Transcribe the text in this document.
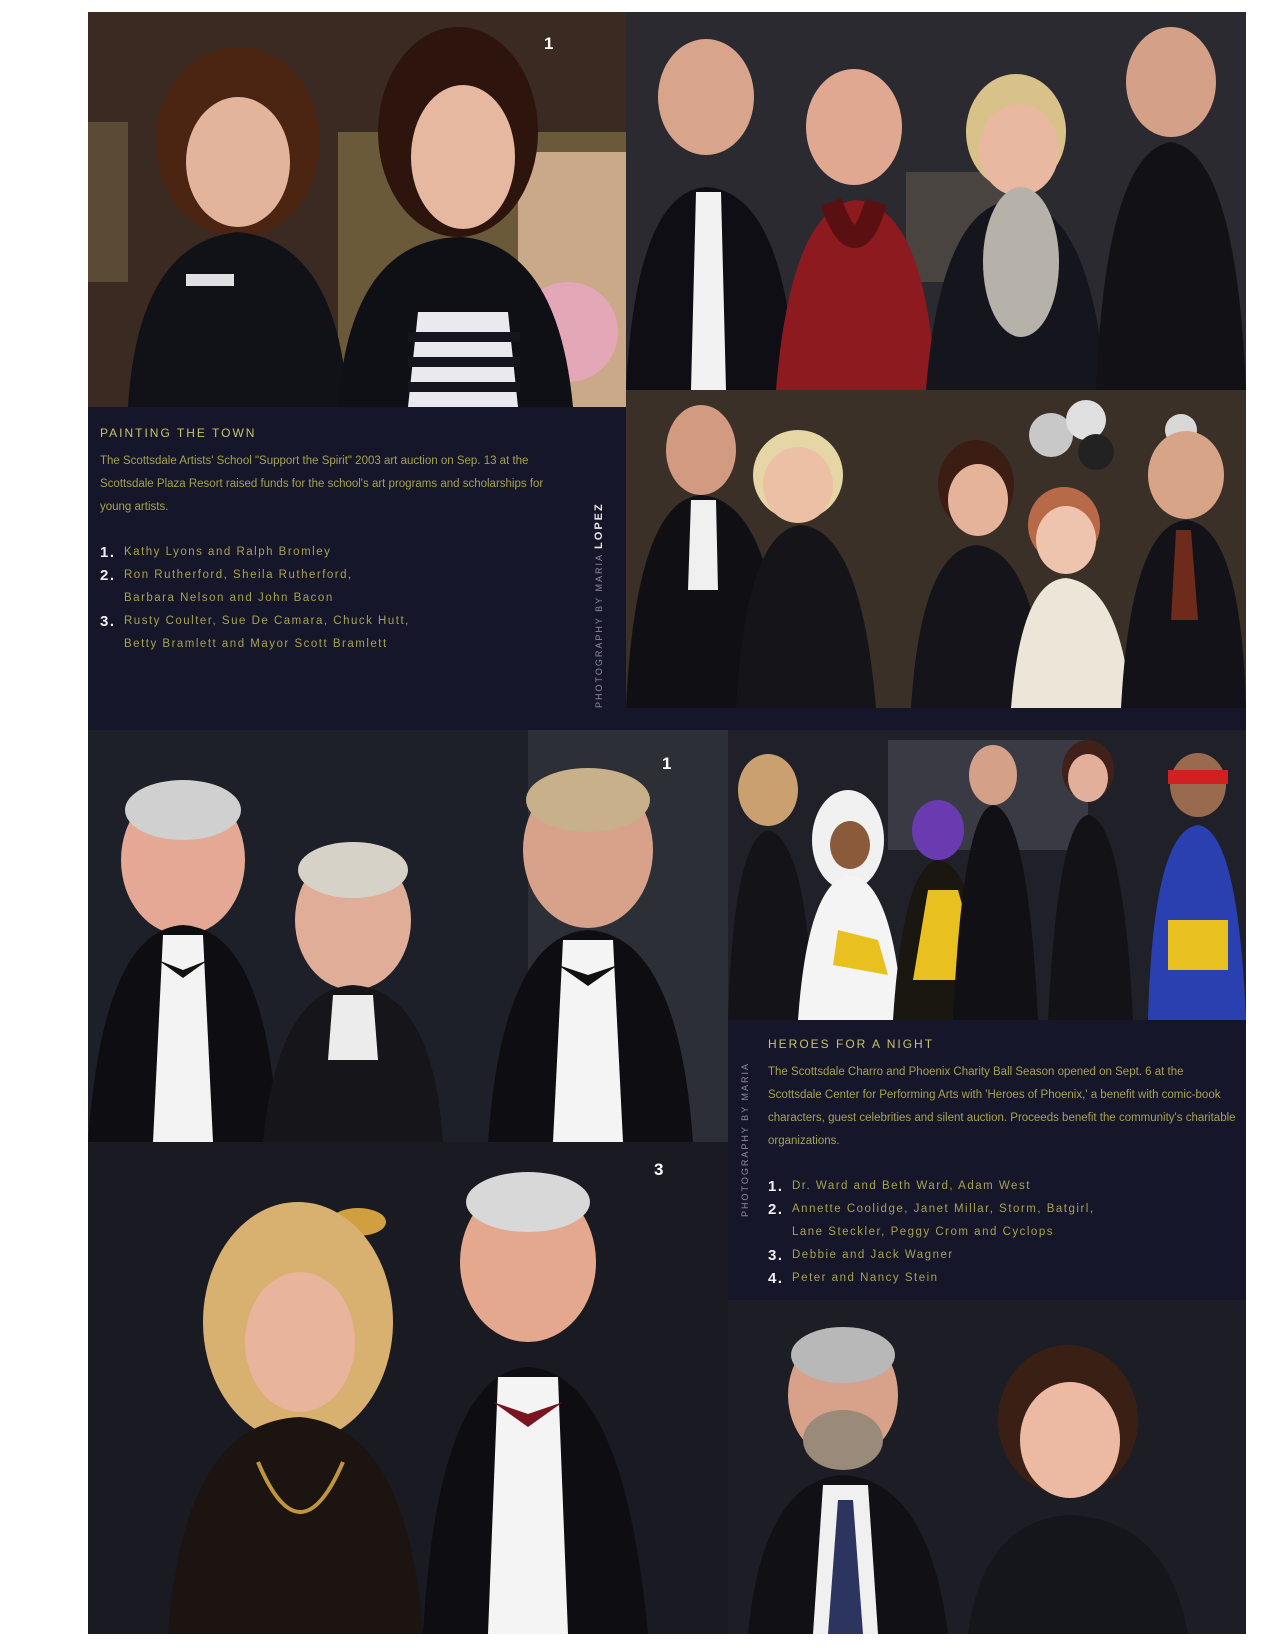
PAINTING THE TOWN

The Scottsdale Artists' School "Support the Spirit" 2003 art auction on Sep. 13 at the Scottsdale Plaza Resort raised funds for the school's art programs and scholarships for young artists.

1. Kathy Lyons and Ralph Bromley
2. Ron Rutherford, Sheila Rutherford,
Barbara Nelson and John Bacon
3. Rusty Coulter, Sue De Camara, Chuck Hutt,
Betty Bramlett and Mayor Scott Bramlett	PHOTOGRAPHY BY MARIA LOPEZ
HEROES FOR A NIGHT

The Scottsdale Charro and Phoenix Charity Ball Season opened on Sept. 6 at the Scottsdale Center for Performing Arts with 'Heroes of Phoenix,' a benefit with comic-book characters, guest celebrities and silent auction. Proceeds benefit the community's charitable organizations.

1. Dr. Ward and Beth Ward, Adam West
2. Annette Coolidge, Janet Millar, Storm, Batgirl,
Lane Steckler, Peggy Crom and Cyclops
3. Debbie and Jack Wagner
4. Peter and Nancy Stein
PHOTOGRAPHY BY MARIA
1
1
3
